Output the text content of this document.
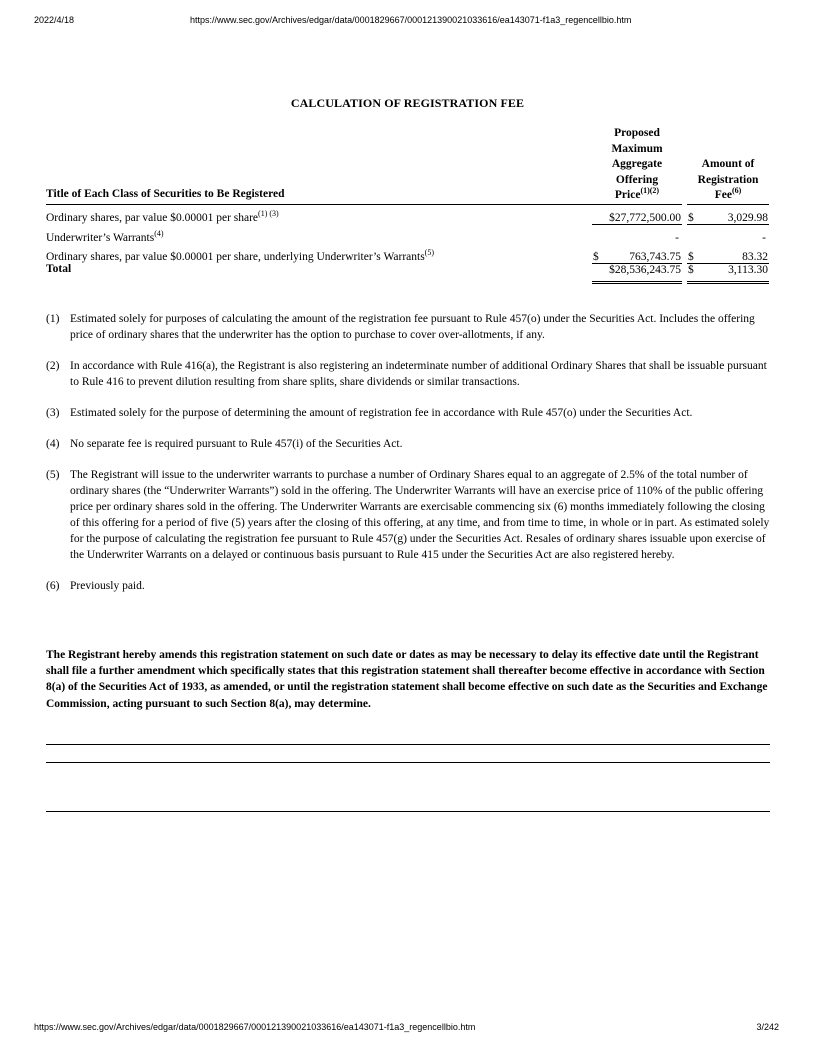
2022/4/18	https://www.sec.gov/Archives/edgar/data/0001829667/000121390021033616/ea143071-f1a3_regencellbio.htm
CALCULATION OF REGISTRATION FEE
Title of Each Class of Securities to Be Registered	Proposed
Maximum
Aggregate
Offering
Price$^{(1)(2)}$		Amount of
Registration
Fee$^{(6)}$
Ordinary shares, par value $0.00001 per share$^{(1) (3)}$	$27,772,500.00		$ 3,029.98

Underwriter’s Warrants$^{(4)}$	-		-

Ordinary shares, par value $0.00001 per share, underlying Underwriter’s Warrants$^{(5)}$	$ 763,743.75		$ 83.32

Total	$28,536,243.75		$ 3,113.30
(1) Estimated solely for purposes of calculating the amount of the registration fee pursuant to Rule 457(o) under the Securities Act. Includes the offering price of ordinary shares that the underwriter has the option to purchase to cover over-allotments, if any.
(2) In accordance with Rule 416(a), the Registrant is also registering an indeterminate number of additional Ordinary Shares that shall be issuable pursuant to Rule 416 to prevent dilution resulting from share splits, share dividends or similar transactions.
(3) Estimated solely for the purpose of determining the amount of registration fee in accordance with Rule 457(o) under the Securities Act.
(4) No separate fee is required pursuant to Rule 457(i) of the Securities Act.
(5) The Registrant will issue to the underwriter warrants to purchase a number of Ordinary Shares equal to an aggregate of 2.5% of the total number of ordinary shares (the “Underwriter Warrants”) sold in the offering. The Underwriter Warrants will have an exercise price of 110% of the public offering price per ordinary shares sold in the offering. The Underwriter Warrants are exercisable commencing six (6) months immediately following the closing of this offering for a period of five (5) years after the closing of this offering, at any time, and from time to time, in whole or in part. As estimated solely for the purpose of calculating the registration fee pursuant to Rule 457(g) under the Securities Act. Resales of ordinary shares issuable upon exercise of the Underwriter Warrants on a delayed or continuous basis pursuant to Rule 415 under the Securities Act are also registered hereby.
(6) Previously paid.
The Registrant hereby amends this registration statement on such date or dates as may be necessary to delay its effective date until the Registrant shall file a further amendment which specifically states that this registration statement shall thereafter become effective in accordance with Section 8(a) of the Securities Act of 1933, as amended, or until the registration statement shall become effective on such date as the Securities and Exchange Commission, acting pursuant to such Section 8(a), may determine.
https://www.sec.gov/Archives/edgar/data/0001829667/000121390021033616/ea143071-f1a3_regencellbio.htm	3/242
